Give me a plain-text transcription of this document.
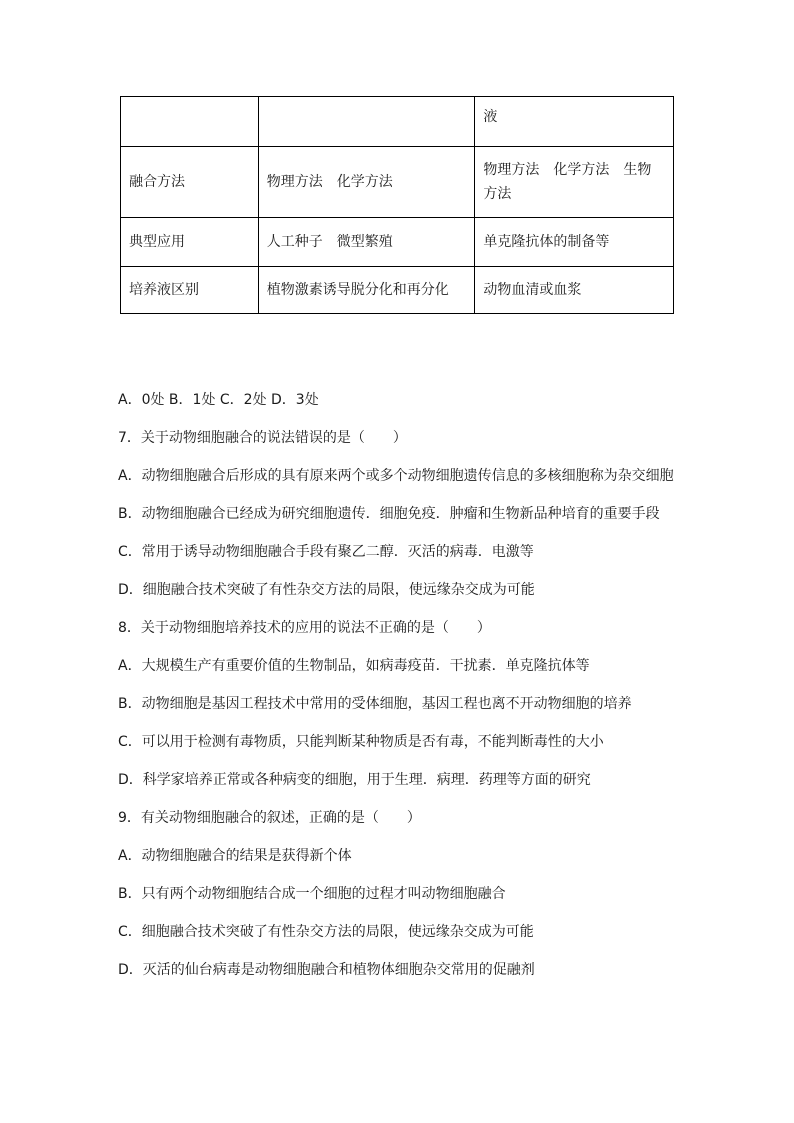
		液
融合方法	物理方法　化学方法	物理方法　化学方法　生物方法
典型应用	人工种子　微型繁殖	单克隆抗体的制备等
培养液区别	植物激素诱导脱分化和再分化	动物血清或血浆
A．0处 B．1处 C．2处 D．3处
7．关于动物细胞融合的说法错误的是（　　）
A．动物细胞融合后形成的具有原来两个或多个动物细胞遗传信息的多核细胞称为杂交细胞
B．动物细胞融合已经成为研究细胞遗传．细胞免疫．肿瘤和生物新品种培育的重要手段
C．常用于诱导动物细胞融合手段有聚乙二醇．灭活的病毒．电激等
D．细胞融合技术突破了有性杂交方法的局限，使远缘杂交成为可能
8．关于动物细胞培养技术的应用的说法不正确的是（　　）
A．大规模生产有重要价值的生物制品，如病毒疫苗．干扰素．单克隆抗体等
B．动物细胞是基因工程技术中常用的受体细胞，基因工程也离不开动物细胞的培养
C．可以用于检测有毒物质，只能判断某种物质是否有毒，不能判断毒性的大小
D．科学家培养正常或各种病变的细胞，用于生理．病理．药理等方面的研究
9．有关动物细胞融合的叙述，正确的是（　　）
A．动物细胞融合的结果是获得新个体
B．只有两个动物细胞结合成一个细胞的过程才叫动物细胞融合
C．细胞融合技术突破了有性杂交方法的局限，使远缘杂交成为可能
D．灭活的仙台病毒是动物细胞融合和植物体细胞杂交常用的促融剂
